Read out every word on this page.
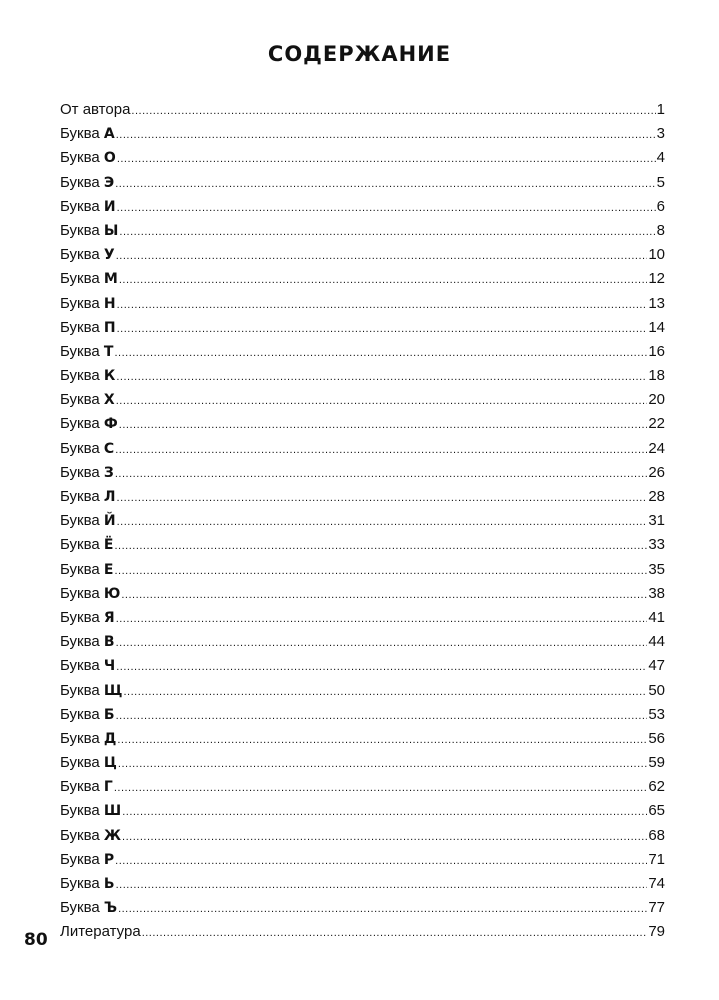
СОДЕРЖАНИЕ
От автора .....	1
Буква А .....	3
Буква О .....	4
Буква Э .....	5
Буква И .....	6
Буква Ы .....	8
Буква У .....	10
Буква М .....	12
Буква Н .....	13
Буква П .....	14
Буква Т .....	16
Буква К .....	18
Буква Х .....	20
Буква Ф .....	22
Буква С .....	24
Буква З .....	26
Буква Л .....	28
Буква Й .....	31
Буква Ё .....	33
Буква Е .....	35
Буква Ю .....	38
Буква Я .....	41
Буква В .....	44
Буква Ч .....	47
Буква Щ .....	50
Буква Б .....	53
Буква Д .....	56
Буква Ц .....	59
Буква Г .....	62
Буква Ш .....	65
Буква Ж .....	68
Буква Р .....	71
Буква Ь .....	74
Буква Ъ .....	77
Литература .....	79
80
